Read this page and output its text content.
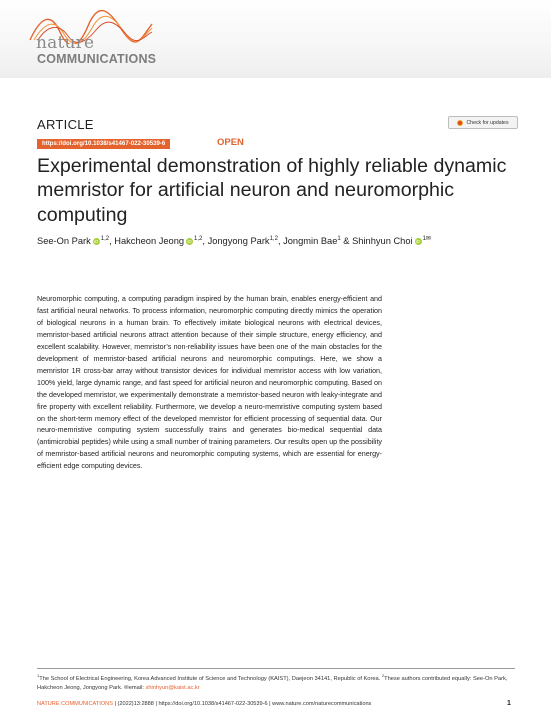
nature
COMMUNICATIONS
ARTICLE	Check for updates
https://doi.org/10.1038/s41467-022-30539-6	OPEN
Experimental demonstration of highly reliable dynamic memristor for artificial neuron and neuromorphic computing
See-On Park iD $^{1,2}$, Hakcheon Jeong iD $^{1,2}$, Jongyong Park$^{1,2}$, Jongmin Bae$^1$ & Shinhyun Choi iD $^{1✉}$
Neuromorphic computing, a computing paradigm inspired by the human brain, enables energy-efficient and fast artificial neural networks. To process information, neuromorphic computing directly mimics the operation of biological neurons in a human brain. To effectively imitate biological neurons with electrical devices, memristor-based artificial neurons attract attention because of their simple structure, energy efficiency, and excellent scalability. However, memristor’s non-reliability issues have been one of the main obstacles for the development of memristor-based artificial neurons and neuromorphic computings. Here, we show a memristor 1R cross-bar array without transistor devices for individual memristor access with low variation, 100% yield, large dynamic range, and fast speed for artificial neuron and neuromorphic computing. Based on the developed memristor, we experimentally demonstrate a memristor-based neuron with leaky-integrate and fire property with excellent reliability. Furthermore, we develop a neuro-memristive computing system based on the short-term memory effect of the developed memristor for efficient processing of sequential data. Our neuro-memristive computing system successfully trains and generates bio-medical sequential data (antimicrobial peptides) while using a small number of training parameters. Our results open up the possibility of memristor-based artificial neurons and neuromorphic computing systems, which are essential for energy-efficient edge computing devices.
$^1$The School of Electrical Engineering, Korea Advanced Institute of Science and Technology (KAIST), Daejeon 34141, Republic of Korea. $^2$These authors contributed equally: See-On Park, Hakcheon Jeong, Jongyong Park. ✉email: shinhyun@kaist.ac.kr
NATURE COMMUNICATIONS | (2022)13:2888 | https://doi.org/10.1038/s41467-022-30539-6 | www.nature.com/naturecommunications	1
